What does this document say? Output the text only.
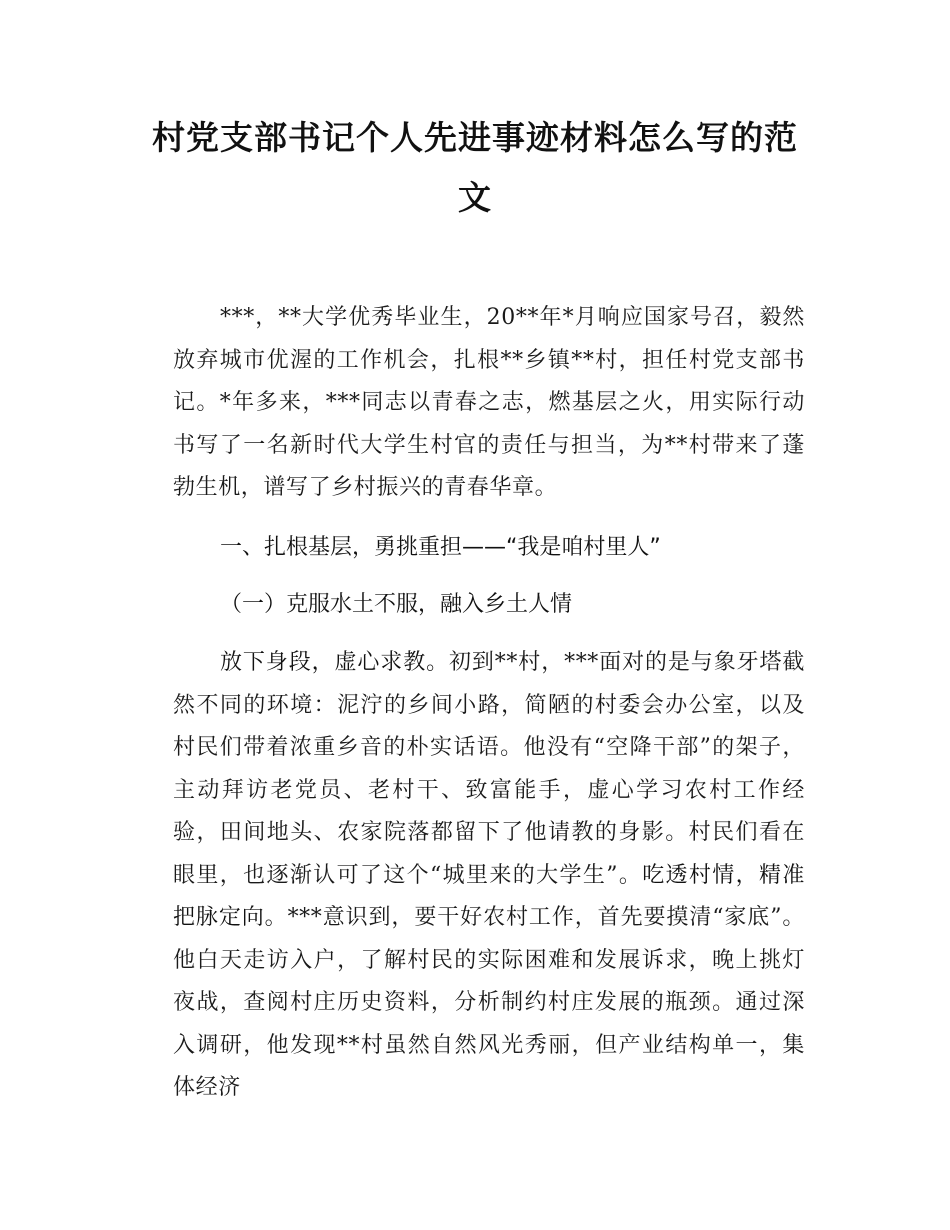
村党支部书记个人先进事迹材料怎么写的范文

***，**大学优秀毕业生，20**年*月响应国家号召，毅然放弃城市优渥的工作机会，扎根**乡镇**村，担任村党支部书记。*年多来，***同志以青春之志，燃基层之火，用实际行动书写了一名新时代大学生村官的责任与担当，为**村带来了蓬勃生机，谱写了乡村振兴的青春华章。

一、扎根基层，勇挑重担——“我是咱村里人”

（一）克服水土不服，融入乡土人情

放下身段，虚心求教。初到**村，***面对的是与象牙塔截然不同的环境：泥泞的乡间小路，简陋的村委会办公室，以及村民们带着浓重乡音的朴实话语。他没有“空降干部”的架子，主动拜访老党员、老村干、致富能手，虚心学习农村工作经验，田间地头、农家院落都留下了他请教的身影。村民们看在眼里，也逐渐认可了这个“城里来的大学生”。吃透村情，精准把脉定向。***意识到，要干好农村工作，首先要摸清“家底”。他白天走访入户，了解村民的实际困难和发展诉求，晚上挑灯夜战，查阅村庄历史资料，分析制约村庄发展的瓶颈。通过深入调研，他发现**村虽然自然风光秀丽，但产业结构单一，集体经济
